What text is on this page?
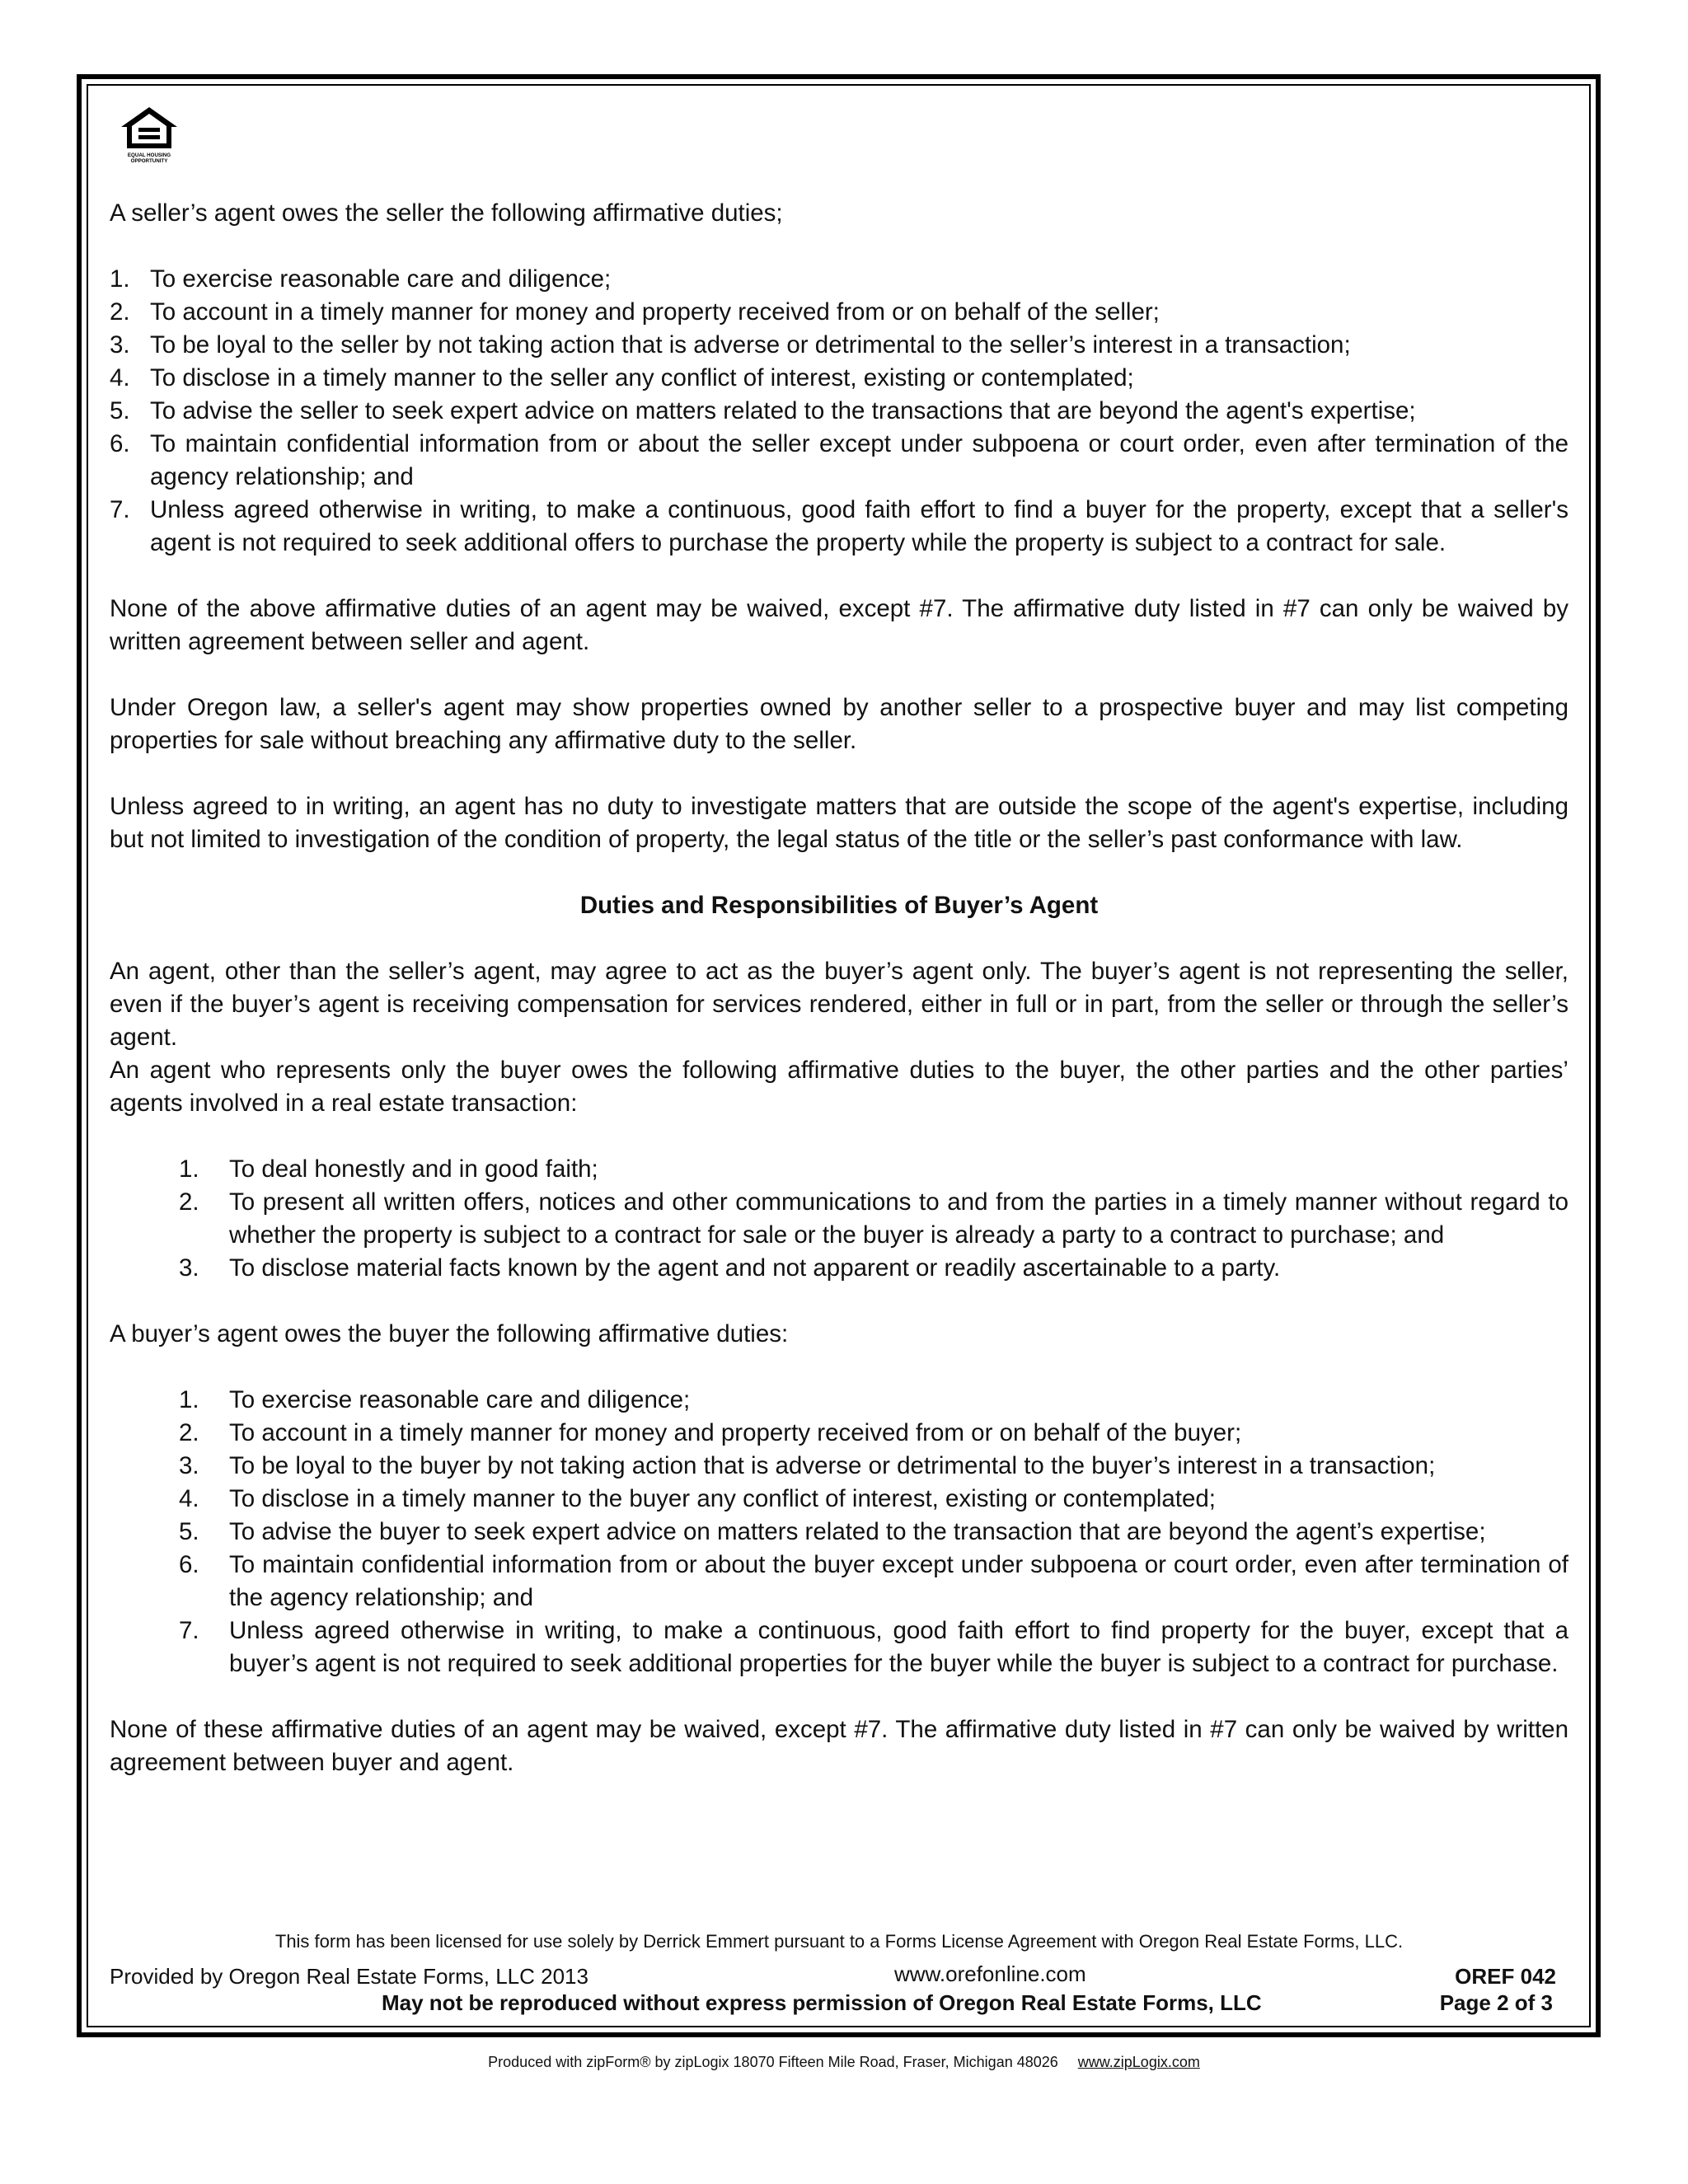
EQUAL HOUSING
OPPORTUNITY

A seller’s agent owes the seller the following affirmative duties;

1. To exercise reasonable care and diligence;
2. To account in a timely manner for money and property received from or on behalf of the seller;
3. To be loyal to the seller by not taking action that is adverse or detrimental to the seller’s interest in a transaction;
4. To disclose in a timely manner to the seller any conflict of interest, existing or contemplated;
5. To advise the seller to seek expert advice on matters related to the transactions that are beyond the agent's expertise;
6. To maintain confidential information from or about the seller except under subpoena or court order, even after termination of the agency relationship; and
7. Unless agreed otherwise in writing, to make a continuous, good faith effort to find a buyer for the property, except that a seller's agent is not required to seek additional offers to purchase the property while the property is subject to a contract for sale.

None of the above affirmative duties of an agent may be waived, except #7. The affirmative duty listed in #7 can only be waived by written agreement between seller and agent.

Under Oregon law, a seller's agent may show properties owned by another seller to a prospective buyer and may list competing properties for sale without breaching any affirmative duty to the seller.

Unless agreed to in writing, an agent has no duty to investigate matters that are outside the scope of the agent's expertise, including but not limited to investigation of the condition of property, the legal status of the title or the seller’s past conformance with law.

Duties and Responsibilities of Buyer’s Agent

An agent, other than the seller’s agent, may agree to act as the buyer’s agent only. The buyer’s agent is not representing the seller, even if the buyer’s agent is receiving compensation for services rendered, either in full or in part, from the seller or through the seller’s agent.

An agent who represents only the buyer owes the following affirmative duties to the buyer, the other parties and the other parties’ agents involved in a real estate transaction:

1. To deal honestly and in good faith;
2. To present all written offers, notices and other communications to and from the parties in a timely manner without regard to whether the property is subject to a contract for sale or the buyer is already a party to a contract to purchase; and
3. To disclose material facts known by the agent and not apparent or readily ascertainable to a party.

A buyer’s agent owes the buyer the following affirmative duties:

1. To exercise reasonable care and diligence;
2. To account in a timely manner for money and property received from or on behalf of the buyer;
3. To be loyal to the buyer by not taking action that is adverse or detrimental to the buyer’s interest in a transaction;
4. To disclose in a timely manner to the buyer any conflict of interest, existing or contemplated;
5. To advise the buyer to seek expert advice on matters related to the transaction that are beyond the agent’s expertise;
6. To maintain confidential information from or about the buyer except under subpoena or court order, even after termination of the agency relationship; and
7. Unless agreed otherwise in writing, to make a continuous, good faith effort to find property for the buyer, except that a buyer’s agent is not required to seek additional properties for the buyer while the buyer is subject to a contract for purchase.

None of these affirmative duties of an agent may be waived, except #7. The affirmative duty listed in #7 can only be waived by written agreement between buyer and agent.

This form has been licensed for use solely by Derrick Emmert pursuant to a Forms License Agreement with Oregon Real Estate Forms, LLC.
Provided by Oregon Real Estate Forms, LLC 2013	www.orefonline.com	OREF 042
May not be reproduced without express permission of Oregon Real Estate Forms, LLC	Page 2 of 3
Produced with zipForm® by zipLogix 18070 Fifteen Mile Road, Fraser, Michigan 48026 www.zipLogix.com
